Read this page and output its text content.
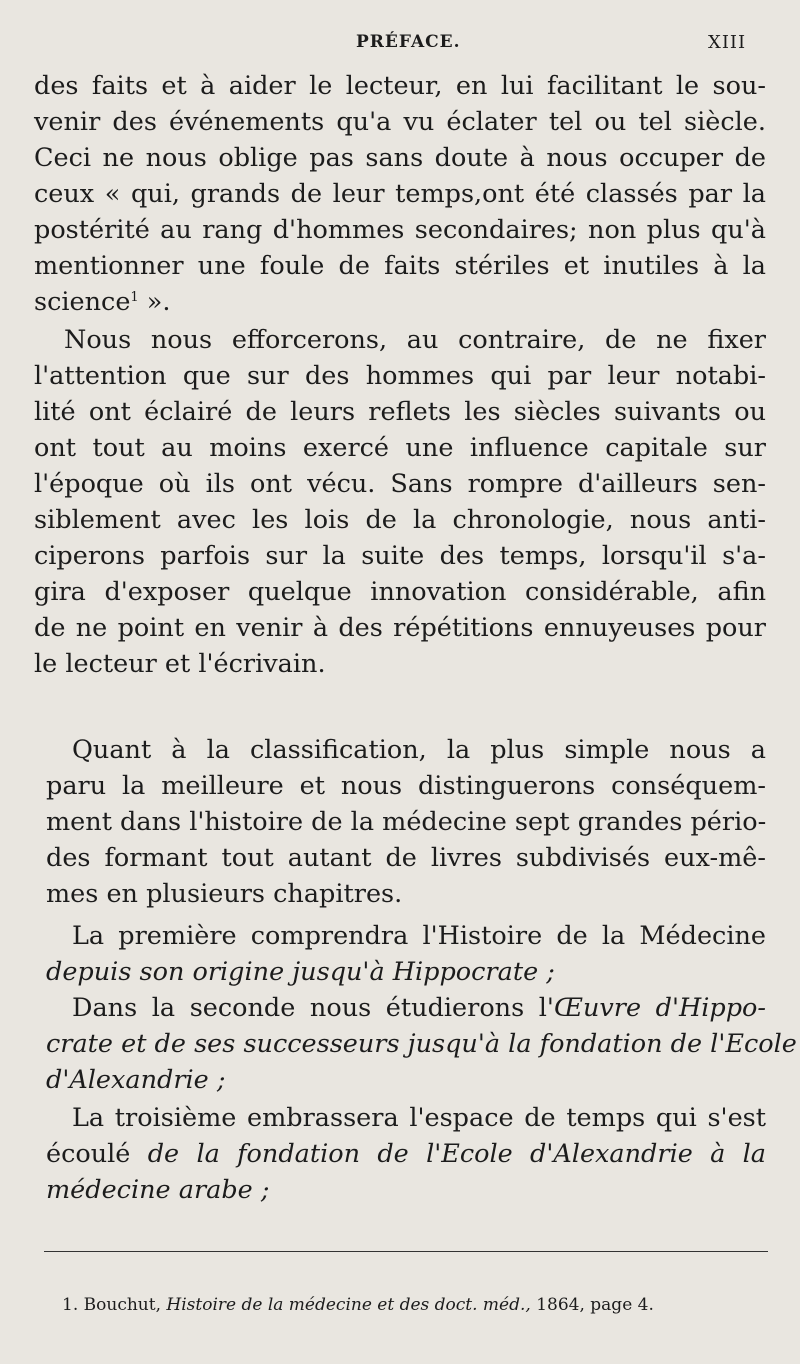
PRÉFACE.	XIII
des faits et à aider le lecteur, en lui facilitant le sou-
venir des événements qu'a vu éclater tel ou tel siècle.
Ceci ne nous oblige pas sans doute à nous occuper de
ceux « qui, grands de leur temps,ont été classés par la
postérité au rang d'hommes secondaires; non plus qu'à
mentionner une foule de faits stériles et inutiles à la
science$^1$ ».
Nous nous efforcerons, au contraire, de ne fixer
l'attention que sur des hommes qui par leur notabi-
lité ont éclairé de leurs reflets les siècles suivants ou
ont tout au moins exercé une influence capitale sur
l'époque où ils ont vécu. Sans rompre d'ailleurs sen-
siblement avec les lois de la chronologie, nous anti-
ciperons parfois sur la suite des temps, lorsqu'il s'a-
gira d'exposer quelque innovation considérable, afin
de ne point en venir à des répétitions ennuyeuses pour
le lecteur et l'écrivain.
Quant à la classification, la plus simple nous a
paru la meilleure et nous distinguerons conséquem-
ment dans l'histoire de la médecine sept grandes pério-
des formant tout autant de livres subdivisés eux-mê-
mes en plusieurs chapitres.
La première comprendra l'Histoire de la Médecine
depuis son origine jusqu'à Hippocrate ;
Dans la seconde nous étudierons l'Œuvre d'Hippo-
crate et de ses successeurs jusqu'à la fondation de l'Ecole
d'Alexandrie ;
La troisième embrassera l'espace de temps qui s'est
écoulé de la fondation de l'Ecole d'Alexandrie à la
médecine arabe ;
1. Bouchut, Histoire de la médecine et des doct. méd., 1864, page 4.
